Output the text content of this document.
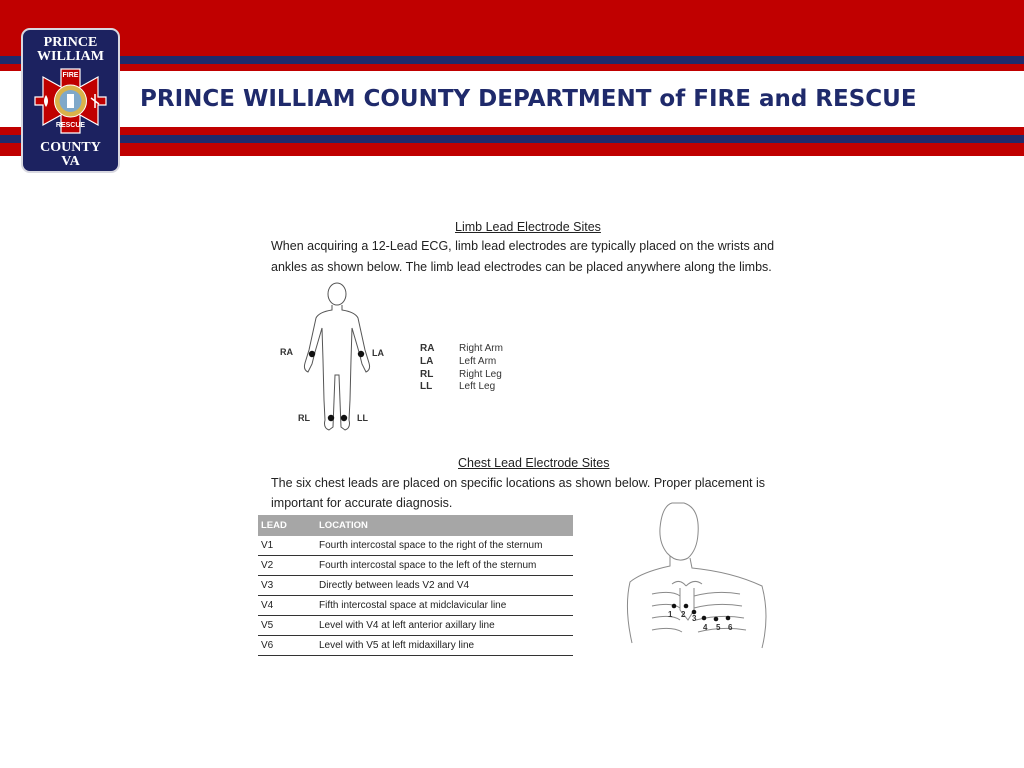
PRINCE WILLIAM COUNTY DEPARTMENT of FIRE and RESCUE
PRINCE
WILLIAM
FIRE
RESCUE
COUNTY
VA
Limb Lead Electrode Sites
When acquiring a 12-Lead ECG, limb lead electrodes are typically placed on the wrists and
ankles as shown below. The limb lead electrodes can be placed anywhere along the limbs.
RA	LA
RL	LL
RA Right Arm
LA	Left Arm
RL	Right Leg
LL	Left Leg
Chest Lead Electrode Sites
The six chest leads are placed on specific locations as shown below. Proper placement is
important for accurate diagnosis.
LEAD	LOCATION
V1	Fourth intercostal space to the right of the sternum
V2	Fourth intercostal space to the left of the sternum
V3	Directly between leads V2 and V4
V4	Fifth intercostal space at midclavicular line
V5	Level with V4 at left anterior axillary line
V6	Level with V5 at left midaxillary line
1 2 3
4 5 6
